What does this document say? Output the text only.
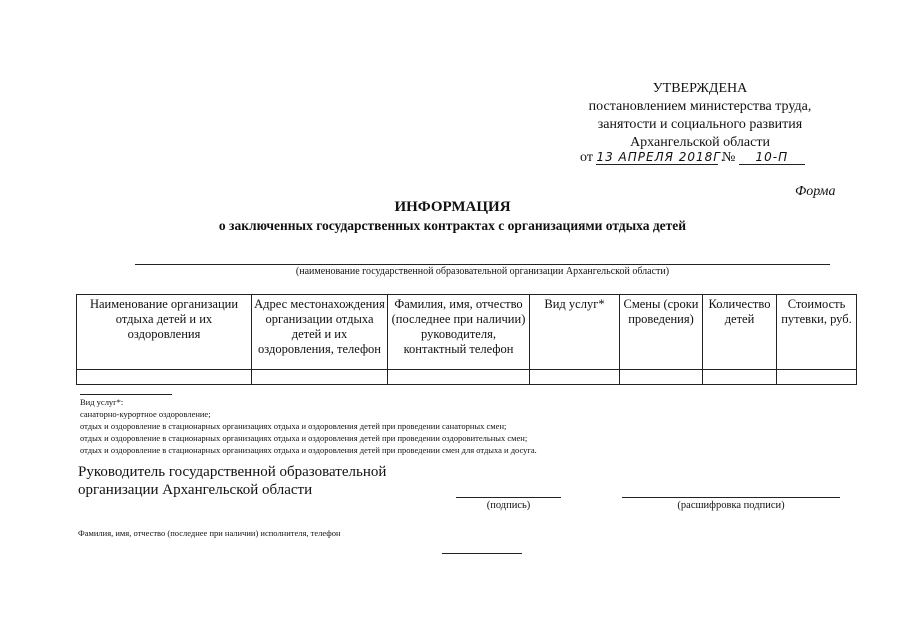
УТВЕРЖДЕНА
постановлением министерства труда,
занятости и социального развития
Архангельской области
от 13 АПРЕЛЯ 2018Г. № 10-П
Форма
ИНФОРМАЦИЯ
о заключенных государственных контрактах с организациями отдыха детей
(наименование государственной образовательной организации Архангельской области)
Наименование организации отдыха детей и их оздоровления	Адрес местонахождения организации отдыха детей и их оздоровления, телефон	Фамилия, имя, отчество (последнее при наличии) руководителя, контактный телефон	Вид услуг*	Смены (сроки проведения)	Количество детей	Стоимость путевки, руб.

Вид услуг*:
санаторно-курортное оздоровление;
отдых и оздоровление в стационарных организациях отдыха и оздоровления детей при проведении санаторных смен;
отдых и оздоровление в стационарных организациях отдыха и оздоровления детей при проведении оздоровительных смен;
отдых и оздоровление в стационарных организациях отдыха и оздоровления детей при проведении смен для отдыха и досуга.
Руководитель государственной образовательной
организации Архангельской области
(подпись)	(расшифровка подписи)
Фамилия, имя, отчество (последнее при наличии) исполнителя, телефон
